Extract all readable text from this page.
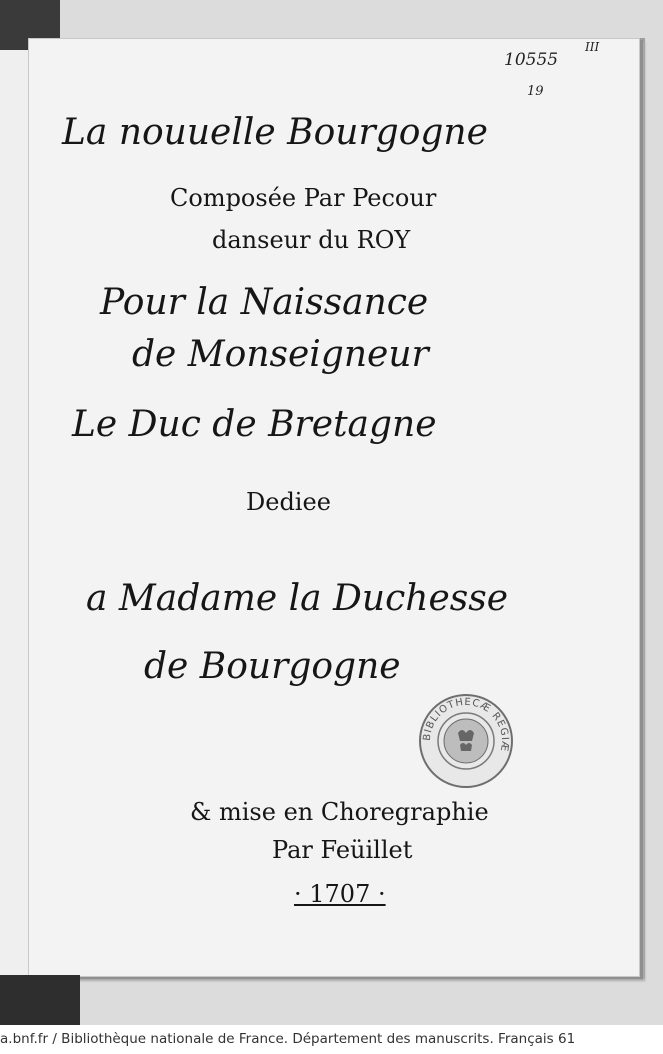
III
10555
19
La nouuelle Bourgogne
Composée Par Pecour
danseur du ROY
Pour la Naissance
de Monseigneur
Le Duc de Bretagne
Dediee
a Madame la Duchesse
de Bourgogne
BIBLIOTHECÆ REGIÆ
& mise en Choregraphie
Par Feüillet
· 1707 ·
a.bnf.fr / Bibliothèque nationale de France. Département des manuscrits. Français 61
